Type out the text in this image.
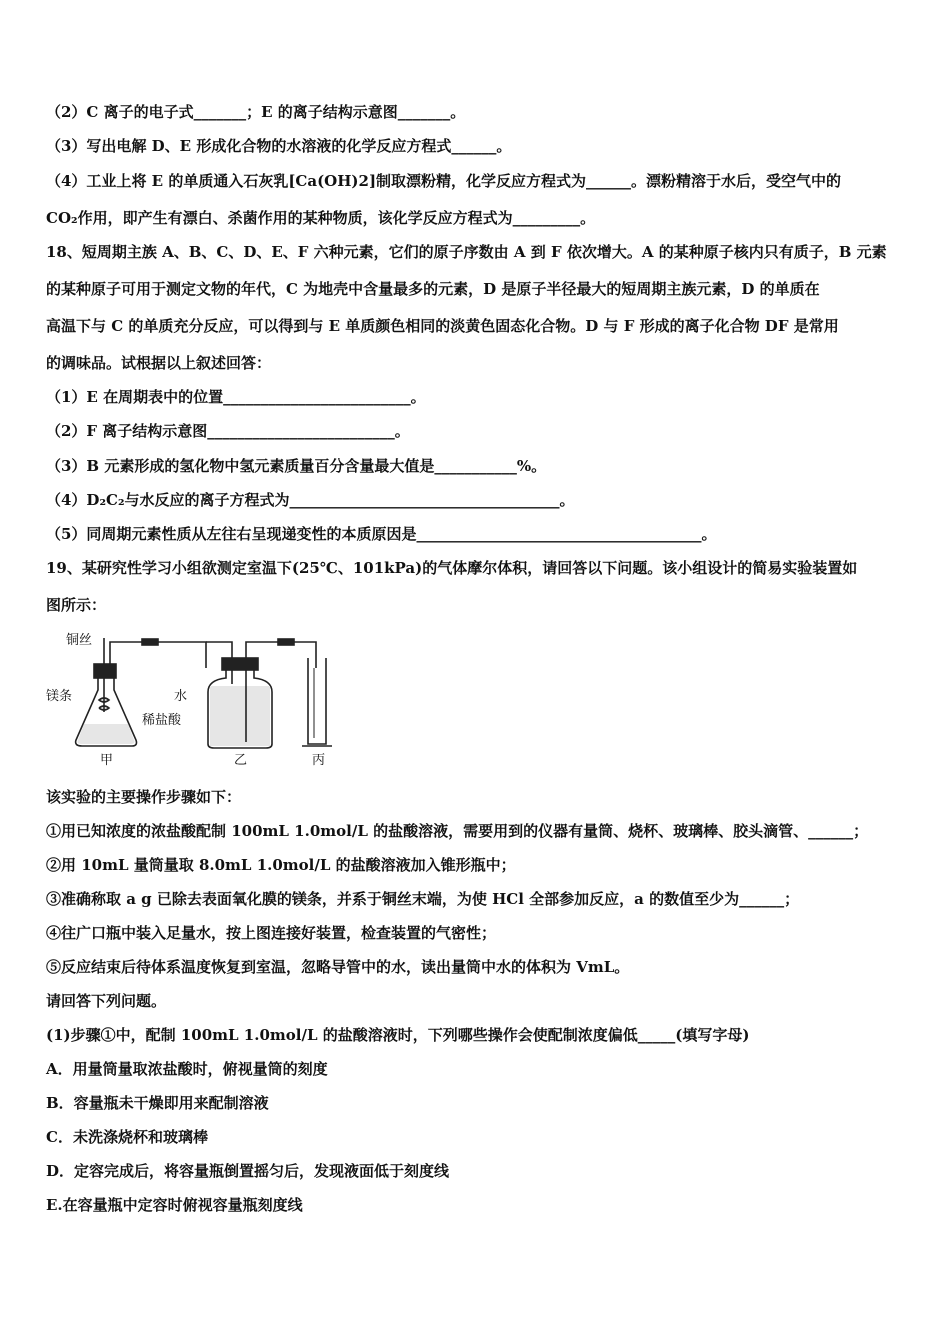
（2）C 离子的电子式_______；E 的离子结构示意图_______。
（3）写出电解 D、E 形成化合物的水溶液的化学反应方程式______。
（4）工业上将 E 的单质通入石灰乳[Ca(OH)2]制取漂粉精，化学反应方程式为______。漂粉精溶于水后，受空气中的
CO₂作用，即产生有漂白、杀菌作用的某种物质，该化学反应方程式为_________。
18、短周期主族 A、B、C、D、E、F 六种元素，它们的原子序数由 A 到 F 依次增大。A 的某种原子核内只有质子，B 元素
的某种原子可用于测定文物的年代，C 为地壳中含量最多的元素，D 是原子半径最大的短周期主族元素，D 的单质在
高温下与 C 的单质充分反应，可以得到与 E 单质颜色相同的淡黄色固态化合物。D 与 F 形成的离子化合物 DF 是常用
的调味品。试根据以上叙述回答：
（1）E 在周期表中的位置_________________________。
（2）F 离子结构示意图_________________________。
（3）B 元素形成的氢化物中氢元素质量百分含量最大值是___________%。
（4）D₂C₂与水反应的离子方程式为____________________________________。
（5）同周期元素性质从左往右呈现递变性的本质原因是______________________________________。
19、某研究性学习小组欲测定室温下(25℃、101kPa)的气体摩尔体积，请回答以下问题。该小组设计的简易实验装置如
图所示：
铜丝
镁条
稀盐酸
水
甲	乙	丙
该实验的主要操作步骤如下：
①用已知浓度的浓盐酸配制 100mL 1.0mol/L 的盐酸溶液，需要用到的仪器有量筒、烧杯、玻璃棒、胶头滴管、______；
②用 10mL 量筒量取 8.0mL 1.0mol/L 的盐酸溶液加入锥形瓶中；
③准确称取 a g 已除去表面氧化膜的镁条，并系于铜丝末端，为使 HCl 全部参加反应，a 的数值至少为______；
④往广口瓶中装入足量水，按上图连接好装置，检查装置的气密性；
⑤反应结束后待体系温度恢复到室温，忽略导管中的水，读出量筒中水的体积为 VmL。
请回答下列问题。
(1)步骤①中，配制 100mL 1.0mol/L 的盐酸溶液时，下列哪些操作会使配制浓度偏低_____(填写字母)
A．用量筒量取浓盐酸时，俯视量筒的刻度
B．容量瓶未干燥即用来配制溶液
C．未洗涤烧杯和玻璃棒
D．定容完成后，将容量瓶倒置摇匀后，发现液面低于刻度线
E.在容量瓶中定容时俯视容量瓶刻度线
